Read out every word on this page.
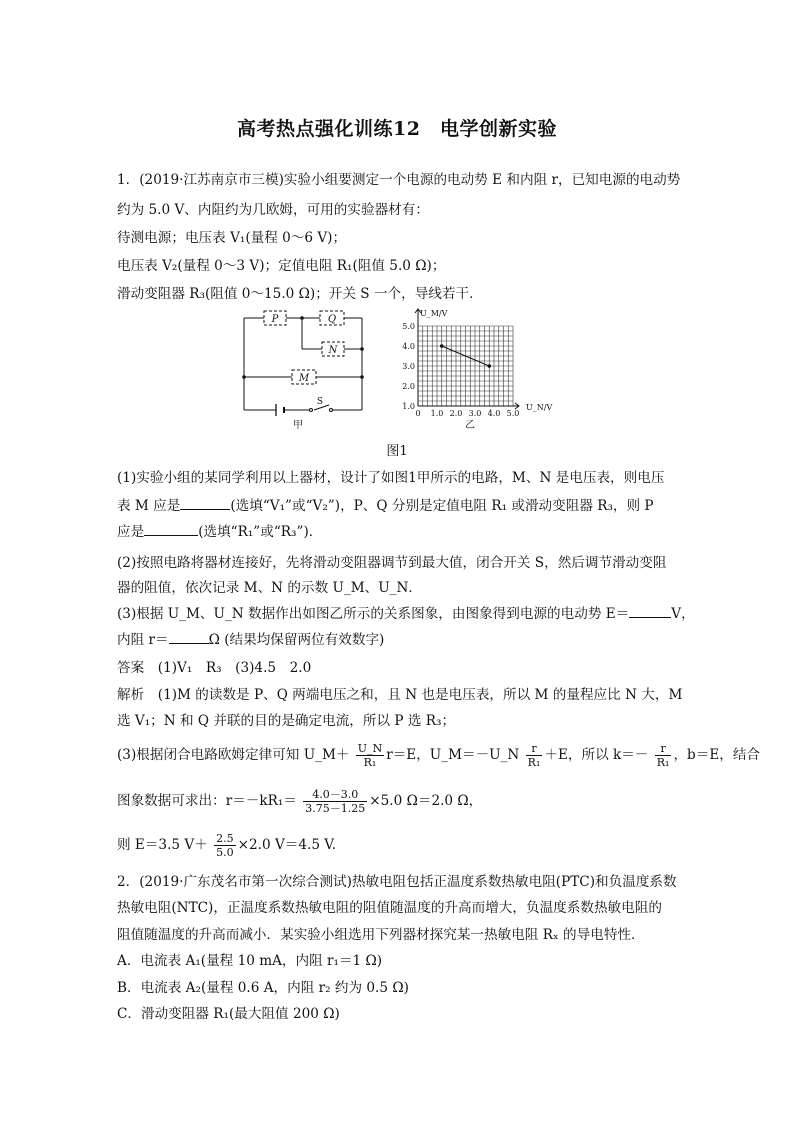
高考热点强化训练12　电学创新实验
1．(2019·江苏南京市三模)实验小组要测定一个电源的电动势 E 和内阻 r，已知电源的电动势
约为 5.0 V、内阻约为几欧姆，可用的实验器材有：
待测电源；电压表 V₁(量程 0～6 V)；
电压表 V₂(量程 0～3 V)；定值电阻 R₁(阻值 5.0 Ω)；
滑动变阻器 R₃(阻值 0～15.0 Ω)；开关 S 一个，导线若干．
P	Q
N
M
S
甲
0 1.0 2.0 3.0 4.0 5.0
1.0
2.0
3.0
4.0
5.0
U_M/V
U_N/V
乙
图1
(1)实验小组的某同学利用以上器材，设计了如图1甲所示的电路，M、N 是电压表，则电压
表 M 应是	(选填“V₁”或“V₂”)，P、Q 分别是定值电阻 R₁ 或滑动变阻器 R₃，则 P
应是	(选填“R₁”或“R₃”)．
(2)按照电路将器材连接好，先将滑动变阻器调节到最大值，闭合开关 S，然后调节滑动变阻
器的阻值，依次记录 M、N 的示数 U_M、U_N．
(3)根据 U_M、U_N 数据作出如图乙所示的关系图象，由图象得到电源的电动势 E＝	V，
内阻 r＝	Ω (结果均保留两位有效数字)
答案　(1)V₁　R₃　(3)4.5　2.0
解析　(1)M 的读数是 P、Q 两端电压之和，且 N 也是电压表，所以 M 的量程应比 N 大，M
选 V₁；N 和 Q 并联的目的是确定电流，所以 P 选 R₃；
(3)根据闭合电路欧姆定律可知 U_M＋ $\frac{U\_N}{\text{R₁}} r=E$，U_M＝－U_N $\frac{r}{\text{R₁}} +E$，所以 $k=- \frac{r}{\text{R₁}}$ ，b＝E，结合
图象数据可求出：$r=-kR_1= \frac{4.0-3.0}{3.75-1.25} \times 5.0$ Ω＝2.0 Ω，
则 E＝3.5 $V+ \frac{2.5}{5.0} \times 2.0$ V＝4.5 V.
2．(2019·广东茂名市第一次综合测试)热敏电阻包括正温度系数热敏电阻(PTC)和负温度系数
热敏电阻(NTC)，正温度系数热敏电阻的阻值随温度的升高而增大，负温度系数热敏电阻的
阻值随温度的升高而减小．某实验小组选用下列器材探究某一热敏电阻 Rₓ 的导电特性．
A．电流表 A₁(量程 10 mA，内阻 r₁＝1 Ω)
B．电流表 A₂(量程 0.6 A，内阻 r₂ 约为 0.5 Ω)
C．滑动变阻器 R₁(最大阻值 200 Ω)
